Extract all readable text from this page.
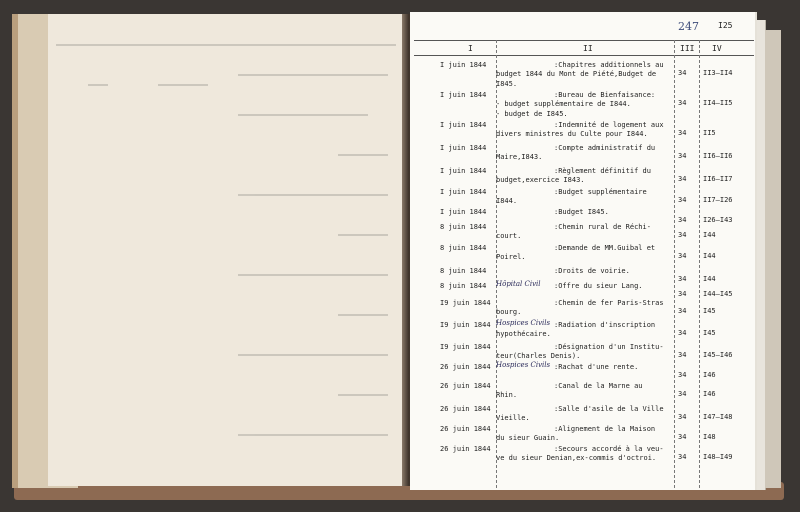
247 I25
I	II	III IV
I juin 1844	:Chapitres additionnels au
budget 1844 du Mont de Piété,Budget de I845.
34 II3–II4
I juin 1844	:Bureau de Bienfaisance:
- budget supplémentaire de I844.
- budget de I845.
34 II4–II5
I juin 1844	:Indemnité de logement aux
divers ministres du Culte pour I844.	34 II5
I juin 1844	:Compte administratif du
Maire,I843.	34 II6–II6
I juin 1844	:Règlement définitif du
budget,exercice I843.	34 II6–II7
I juin 1844	:Budget supplémentaire
I844.	34 II7–I26
I juin 1844	:Budget I845.
34 I26–I43
8 juin 1844	:Chemin rural de Réchi-
court.	34 I44
8 juin 1844	:Demande de MM.Guibal et
Poirel.	34 I44
8 juin 1844	:Droits de voirie.
34 I44
8 juin 1844	:Offre du sieur Lang.
Hôpital Civil
34 I44–I45
I9 juin 1844	:Chemin de fer Paris-Stras
bourg.	34 I45
I9 juin 1844	:Radiation d'inscription
hypothécaire.
Hospices Civils
34 I45
I9 juin 1844	:Désignation d'un Institu-
teur(Charles Denis).	34 I45–I46
26 juin 1844	:Rachat d'une rente.
Hospices Civils
34 I46
26 juin 1844	:Canal de la Marne au
Rhin.	34 I46
26 juin 1844	:Salle d'asile de la Ville
Vieille.	34 I47–I48
26 juin 1844	:Alignement de la Maison
du sieur Guain.	34 I48
26 juin 1844	:Secours accordé à la veu-
ve du sieur Denian,ex-commis d'octroi.	34 I48–I49
